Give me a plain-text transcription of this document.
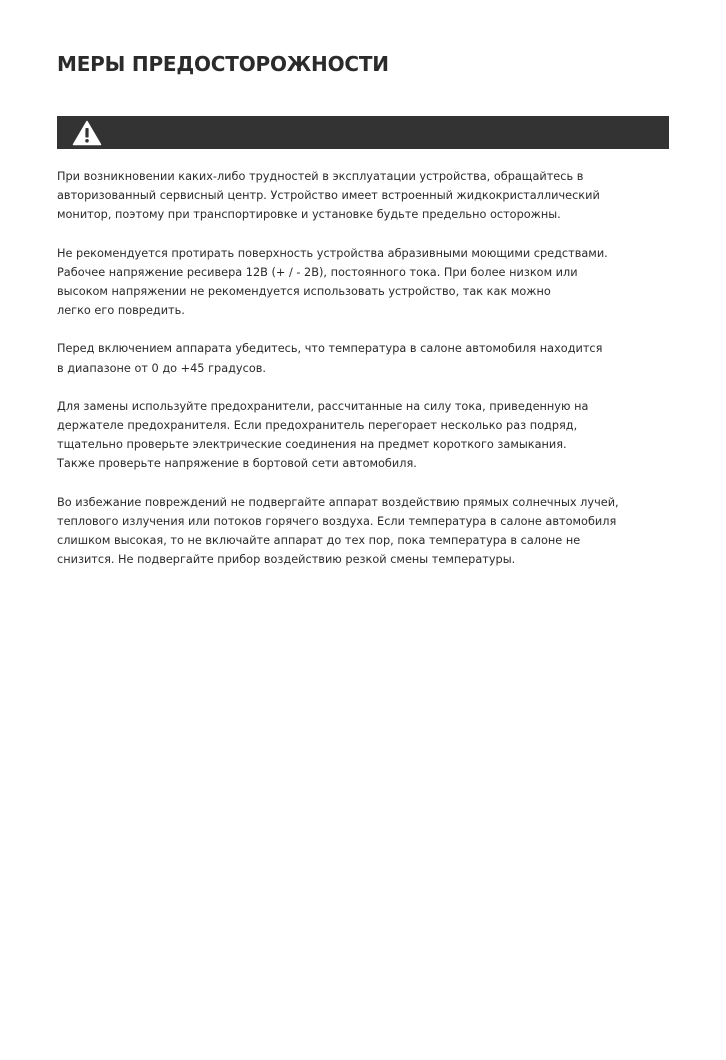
МЕРЫ ПРЕДОСТОРОЖНОСТИ

При возникновении каких-либо трудностей в эксплуатации устройства, обращайтесь в
авторизованный сервисный центр. Устройство имеет встроенный жидкокристаллический
монитор, поэтому при транспортировке и установке будьте предельно осторожны.

Не рекомендуется протирать поверхность устройства абразивными моющими средствами.
Рабочее напряжение ресивера 12В (+ / - 2В), постоянного тока. При более низком или
высоком напряжении не рекомендуется использовать устройство, так как можно
легко его повредить.

Перед включением аппарата убедитесь, что температура в салоне автомобиля находится
в диапазоне от 0 до +45 градусов.

Для замены используйте предохранители, рассчитанные на силу тока, приведенную на
держателе предохранителя. Если предохранитель перегорает несколько раз подряд,
тщательно проверьте электрические соединения на предмет короткого замыкания.
Также проверьте напряжение в бортовой сети автомобиля.

Во избежание повреждений не подвергайте аппарат воздействию прямых солнечных лучей,
теплового излучения или потоков горячего воздуха. Если температура в салоне автомобиля
слишком высокая, то не включайте аппарат до тех пор, пока температура в салоне не
снизится. Не подвергайте прибор воздействию резкой смены температуры.
